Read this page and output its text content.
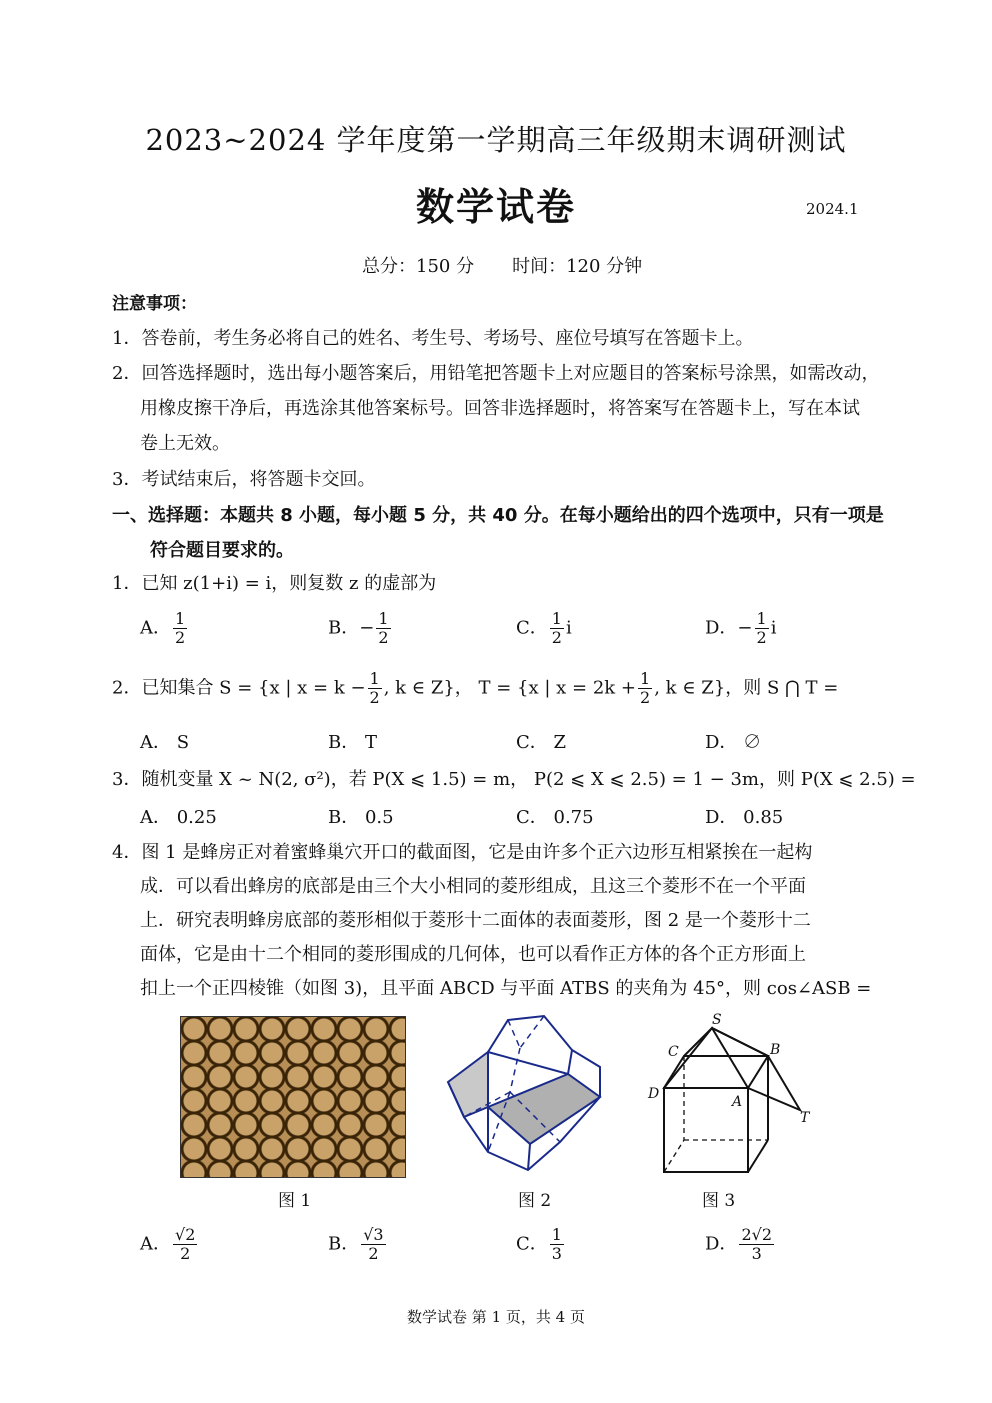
2023~2024 学年度第一学期高三年级期末调研测试
数学试卷	2024.1
总分：150 分 时间：120 分钟
注意事项：
1．答卷前，考生务必将自己的姓名、考生号、考场号、座位号填写在答题卡上。
2．回答选择题时，选出每小题答案后，用铅笔把答题卡上对应题目的答案标号涂黑，如需改动，
用橡皮擦干净后，再选涂其他答案标号。回答非选择题时，将答案写在答题卡上，写在本试
卷上无效。
3．考试结束后，将答题卡交回。
一、选择题：本题共 8 小题，每小题 5 分，共 40 分。在每小题给出的四个选项中，只有一项是
符合题目要求的。
1．已知 z(1+i) = i，则复数 z 的虚部为
A． $\frac{1}{2}$	B．− $\frac{1}{2}$	C． $\frac{1}{2}$ i	D．− $\frac{1}{2}$ i
2．已知集合 S = {x | $x = k - \frac{1}{2}$ , k ∈ Z}， T = {x | $x = 2k + \frac{1}{2}$ , k ∈ Z}，则 S ⋂ T =
A． S	B． T	C． Z	D． ∅
3．随机变量 X ~ N(2, σ²)，若 P(X ⩽ 1.5) = m， P(2 ⩽ X ⩽ 2.5) = 1 − 3m，则 P(X ⩽ 2.5) =
A． 0.25	B． 0.5	C． 0.75	D． 0.85
4．图 1 是蜂房正对着蜜蜂巢穴开口的截面图，它是由许多个正六边形互相紧挨在一起构
成．可以看出蜂房的底部是由三个大小相同的菱形组成，且这三个菱形不在一个平面
上．研究表明蜂房底部的菱形相似于菱形十二面体的表面菱形，图 2 是一个菱形十二
面体，它是由十二个相同的菱形围成的几何体，也可以看作正方体的各个正方形面上
扣上一个正四棱锥（如图 3)，且平面 ABCD 与平面 ATBS 的夹角为 45°，则 cos∠ASB =
S
C	B
D	A
T
图 1	图 2	图 3
A． $\frac{√2}{2}$	B． $\frac{√3}{2}$	C． $\frac{1}{3}$	D． $\frac{2√2}{3}$
数学试卷 第 1 页，共 4 页
